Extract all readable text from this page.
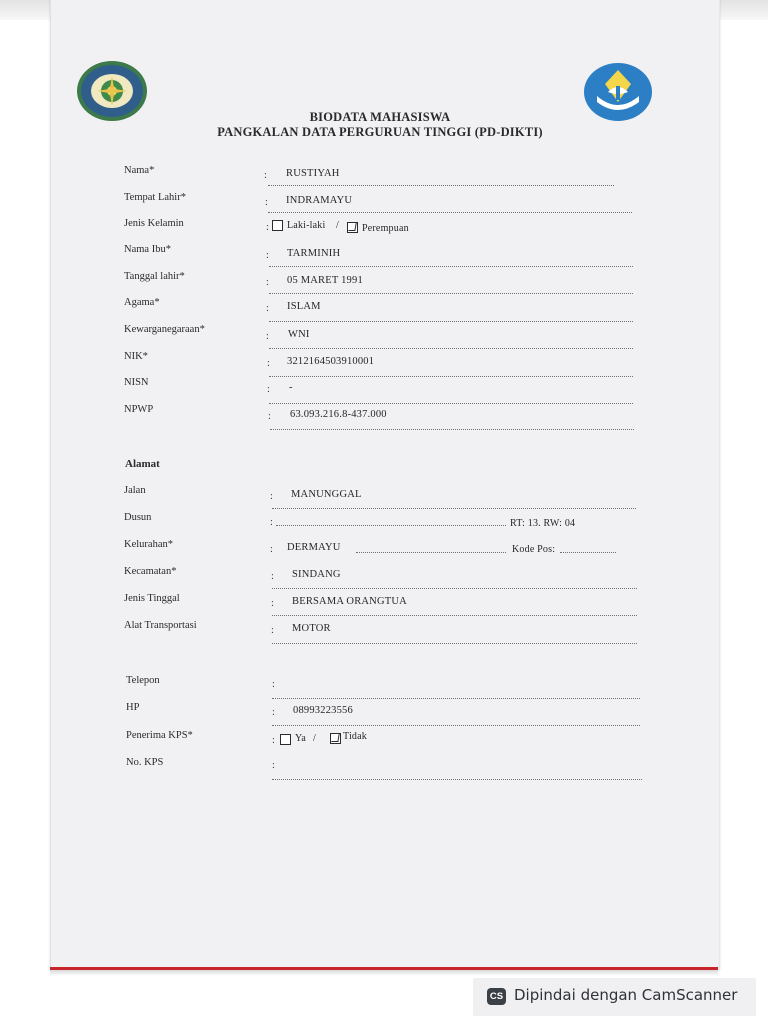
BIODATA MAHASISWA
PANGKALAN DATA PERGURUAN TINGGI (PD-DIKTI)
Nama*	: RUSTIYAH
Tempat Lahir*	: INDRAMAYU
Jenis Kelamin	: Laki-laki / Perempuan
Nama Ibu*
: TARMINIH
Tanggal lahir*
: 05 MARET 1991
Agama*
: ISLAM
Kewarganegaraan*
: WNI
NIK*
: 3212164503910001
NISN
: -
NPWP
: 63.093.216.8-437.000
Alamat
Jalan
: MANUNGGAL
Dusun	:	RT: 13. RW: 04
Kelurahan*	: DERMAYU	Kode Pos:
Kecamatan*	: SINDANG
Jenis Tinggal	: BERSAMA ORANGTUA
Alat Transportasi	: MOTOR
Telepon	:
HP	: 08993223556
Penerima KPS*	: Ya /	Tidak
No. KPS	:
CS Dipindai dengan CamScanner
